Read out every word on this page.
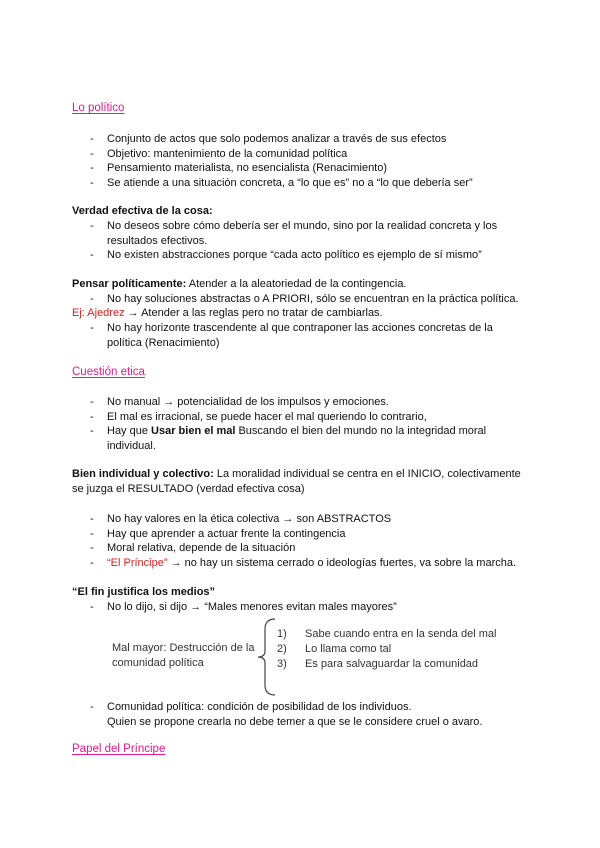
Lo político
- Conjunto de actos que solo podemos analizar a través de sus efectos
- Objetivo: mantenimiento de la comunidad política
- Pensamiento materialista, no esencialista (Renacimiento)
- Se atiende a una situación concreta, a “lo que es” no a “lo que debería ser”
Verdad efectiva de la cosa:
- No deseos sobre cómo debería ser el mundo, sino por la realidad concreta y los resultados efectivos.
- No existen abstracciones porque “cada acto político es ejemplo de sí mismo”
Pensar políticamente: Atender a la aleatoriedad de la contingencia.
- No hay soluciones abstractas o A PRIORI, sólo se encuentran en la práctica política.
Ej: Ajedrez → Atender a las reglas pero no tratar de cambiarlas.
- No hay horizonte trascendente al que contraponer las acciones concretas de la política (Renacimiento)
Cuestión etica
- No manual → potencialidad de los impulsos y emociones.
- El mal es irracional, se puede hacer el mal queriendo lo contrario,
- Hay que Usar bien el mal Buscando el bien del mundo no la integridad moral individual.
Bien individual y colectivo: La moralidad individual se centra en el INICIO, colectivamente se juzga el RESULTADO (verdad efectiva cosa)
- No hay valores en la ética colectiva → son ABSTRACTOS
- Hay que aprender a actuar frente la contingencia
- Moral relativa, depende de la situación
- “El Príncipe” → no hay un sistema cerrado o ideologías fuertes, va sobre la marcha.
“El fin justifica los medios”
- No lo dijo, si dijo → “Males menores evitan males mayores”
Mal mayor: Destrucción de la comunidad política
1) Sabe cuando entra en la senda del mal
2) Lo llama como tal
3) Es para salvaguardar la comunidad
- Comunidad política: condición de posibilidad de los individuos.
Quien se propone crearla no debe temer a que se le considere cruel o avaro.
Papel del Príncipe
